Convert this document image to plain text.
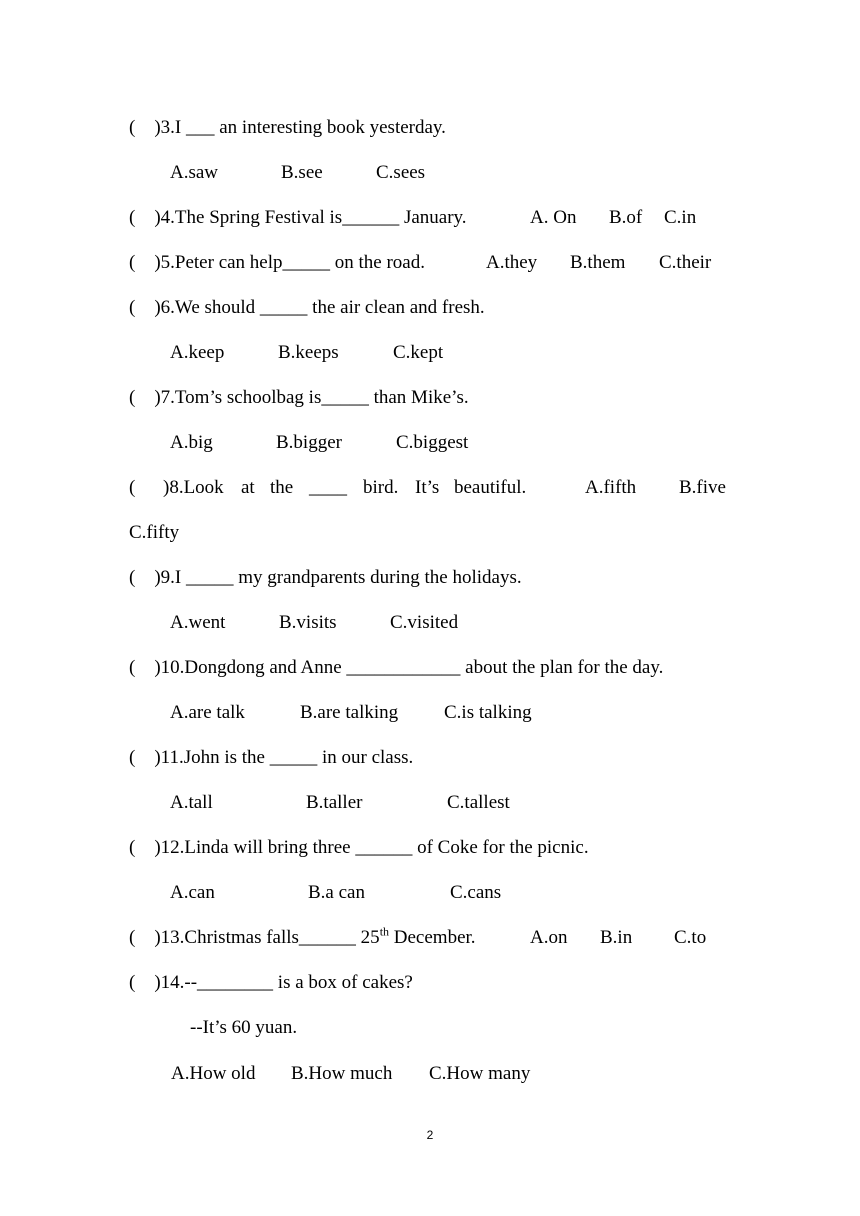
(    )3.I ___ an interesting book yesterday.
A.saw	B.see	C.sees
(    )4.The Spring Festival is______ January.	A. On B.of C.in
(    )5.Peter can help_____ on the road.	A.they B.them C.their
(    )6.We should _____ the air clean and fresh.
A.keep	B.keeps	C.kept
(    )7.Tom’s schoolbag is_____ than Mike’s.
A.big	B.bigger	C.biggest
( )8.Look at the ____ bird. It’s beautiful.	A.fifth B.five
C.fifty
(    )9.I _____ my grandparents during the holidays.
A.went	B.visits	C.visited
(    )10.Dongdong and Anne ____________ about the plan for the day.
A.are talk	B.are talking C.is talking
(    )11.John is the _____ in our class.
A.tall	B.taller	C.tallest
(    )12.Linda will bring three ______ of Coke for the picnic.
A.can	B.a can	C.cans
(    )13.Christmas falls______ 25th December.	A.on B.in C.to
(    )14.--________ is a box of cakes?
--It’s 60 yuan.
A.How old B.How much C.How many
2
